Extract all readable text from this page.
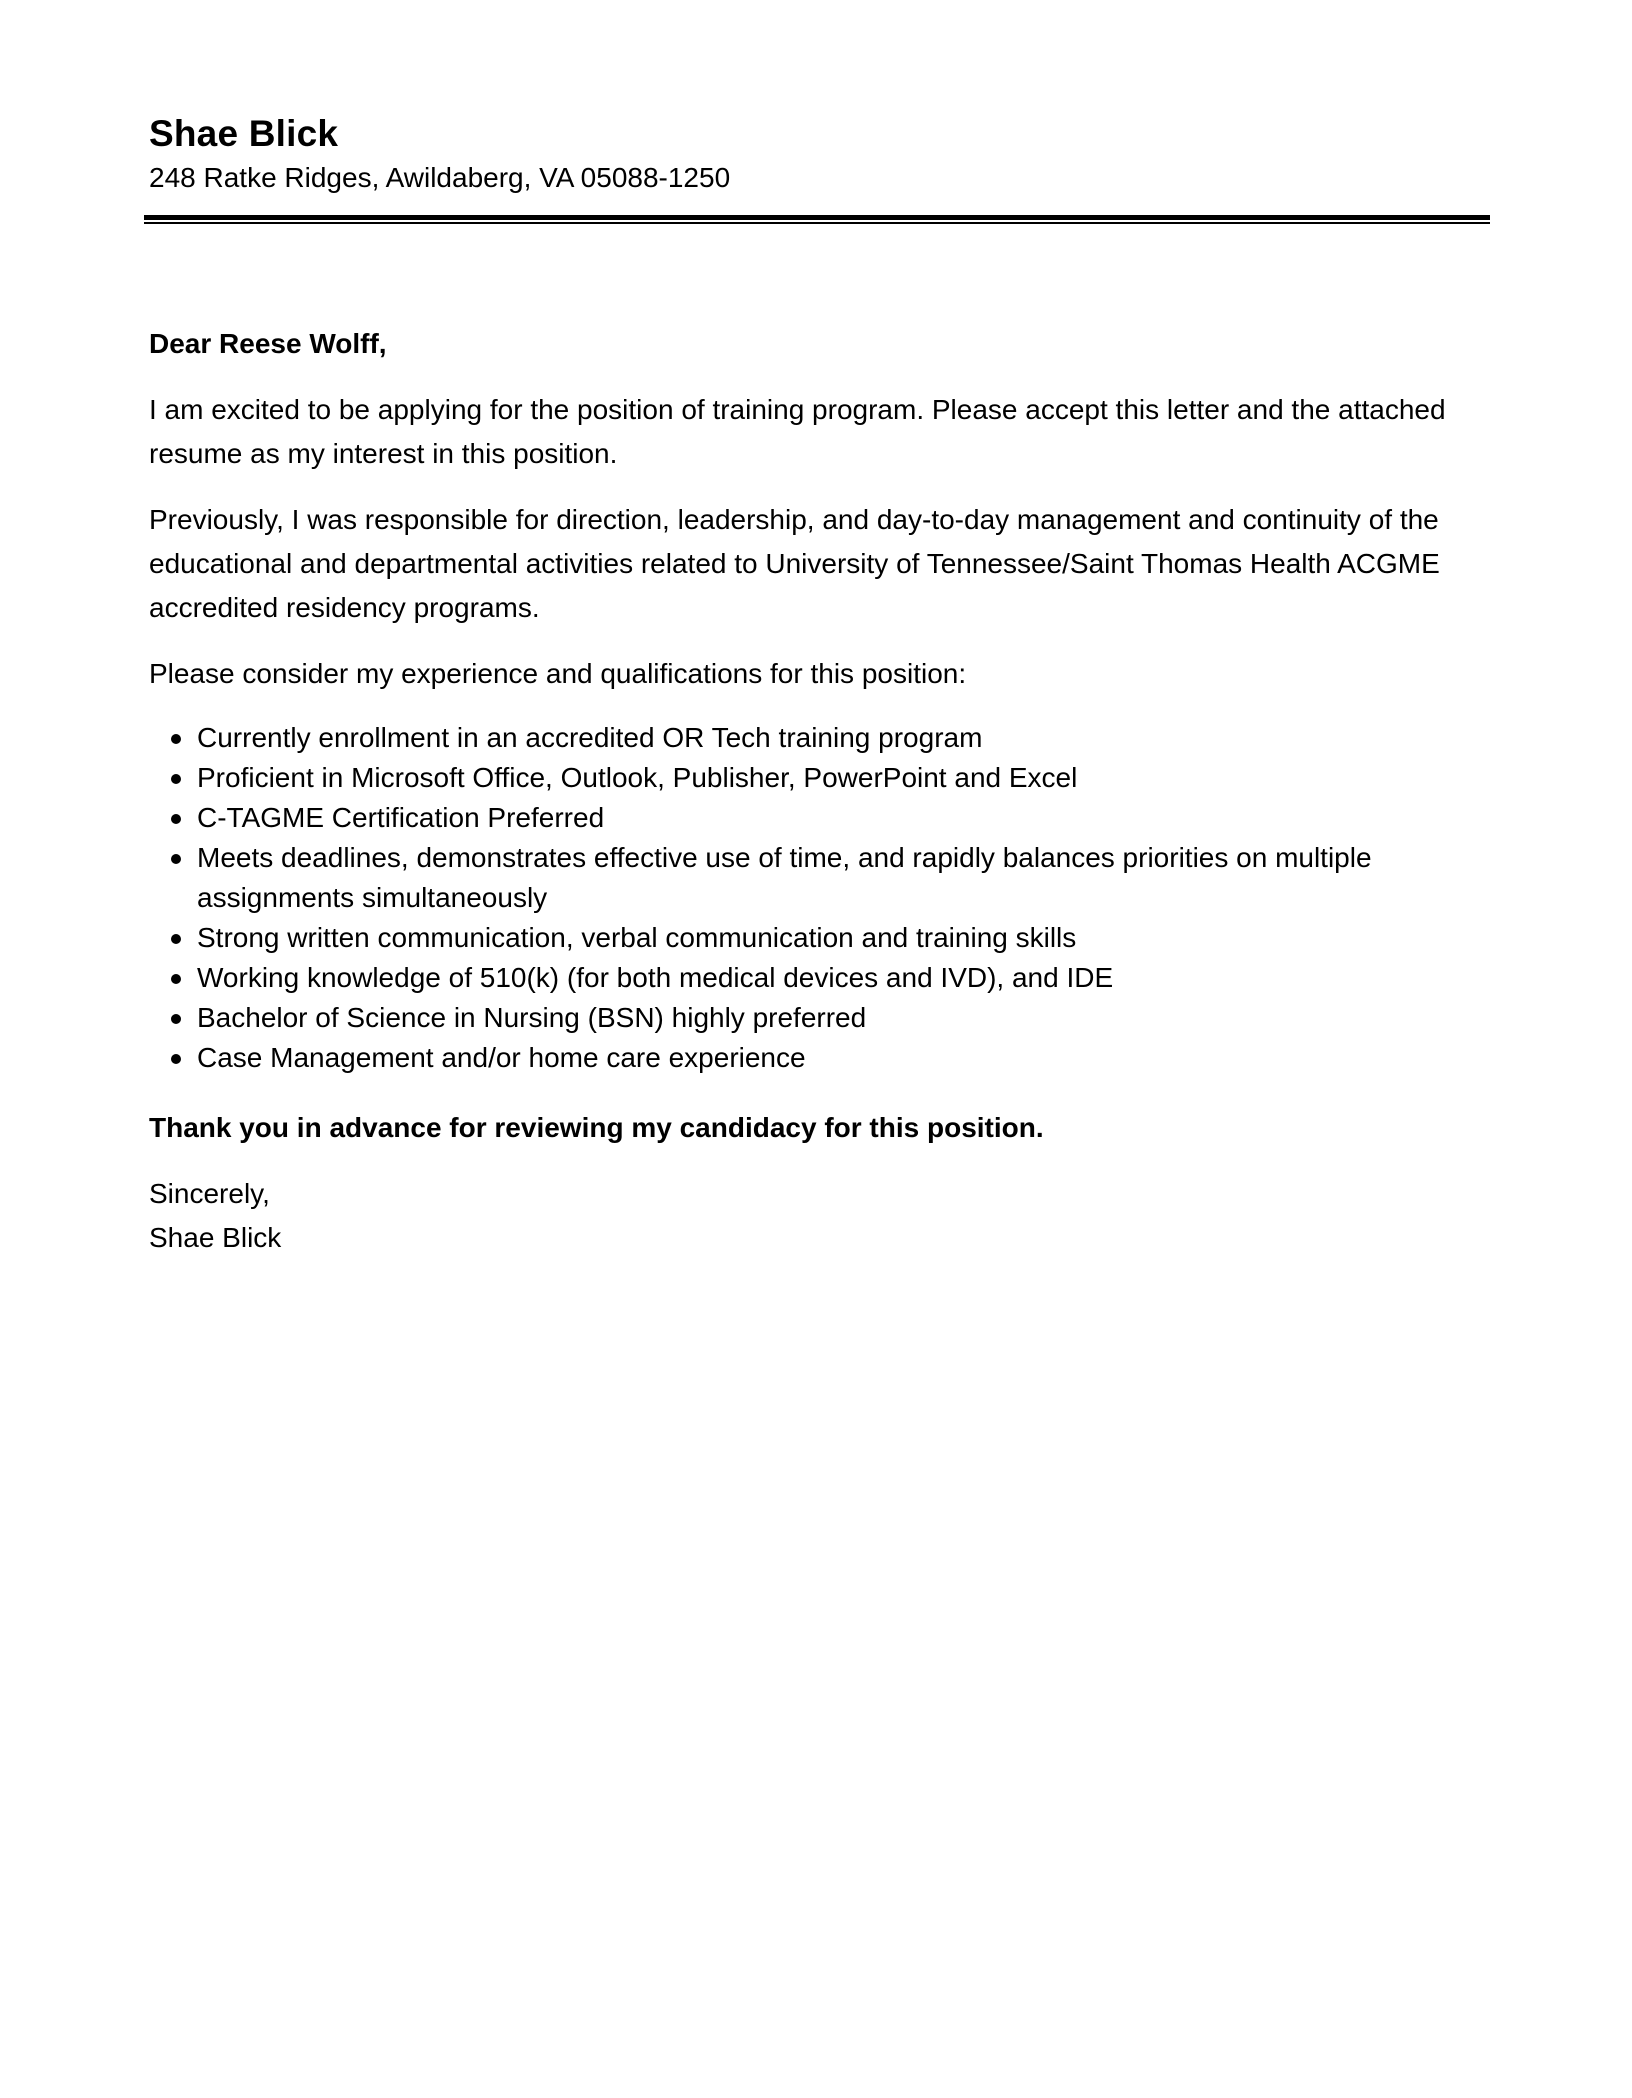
Shae Blick

248 Ratke Ridges, Awildaberg, VA 05088-1250

Dear Reese Wolff,

I am excited to be applying for the position of training program. Please accept this letter and the attached resume as my interest in this position.

Previously, I was responsible for direction, leadership, and day-to-day management and continuity of the educational and departmental activities related to University of Tennessee/Saint Thomas Health ACGME accredited residency programs.

Please consider my experience and qualifications for this position:

Currently enrollment in an accredited OR Tech training program
Proficient in Microsoft Office, Outlook, Publisher, PowerPoint and Excel
C-TAGME Certification Preferred
Meets deadlines, demonstrates effective use of time, and rapidly balances priorities on multiple assignments simultaneously
Strong written communication, verbal communication and training skills
Working knowledge of 510(k) (for both medical devices and IVD), and IDE
Bachelor of Science in Nursing (BSN) highly preferred
Case Management and/or home care experience

Thank you in advance for reviewing my candidacy for this position.

Sincerely,

Shae Blick
